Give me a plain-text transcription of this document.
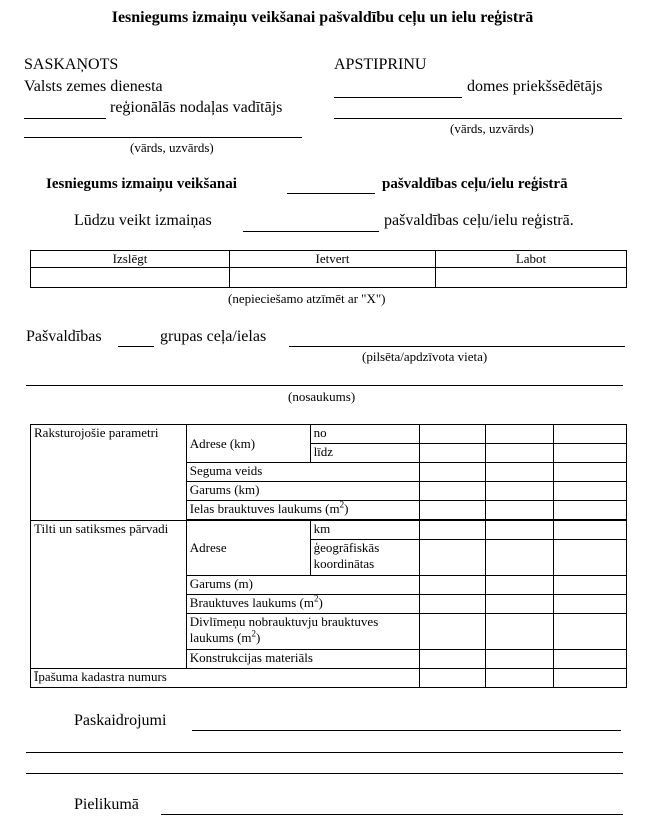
Iesniegums izmaiņu veikšanai pašvaldību ceļu un ielu reģistrā
SASKAŅOTS
Valsts zemes dienesta
reģionālās nodaļas vadītājs
(vārds, uzvārds)
APSTIPRINU
domes priekšsēdētājs
(vārds, uzvārds)
Iesniegums izmaiņu veikšanai	pašvaldības ceļu/ielu reģistrā
Lūdzu veikt izmaiņas	pašvaldības ceļu/ielu reģistrā.
Izslēgt	Ietvert	Labot

(nepieciešamo atzīmēt ar "X")
Pašvaldības	grupas ceļa/ielas
(pilsēta/apdzīvota vieta)
(nosaukums)
Raksturojošie parametri	Adrese (km)	no			
		līdz			
	Seguma veids				
	Garums (km)				
	Ielas brauktuves laukums $(m^2)$				

Tilti un satiksmes pārvadi	Adrese	km			
		ģeogrāfiskās koordinātas			
	Garums (m)				
	Brauktuves laukums $(m^2)$				
	Divlīmeņu nobrauktuvju brauktuves laukums $(m^2)$				
	Konstrukcijas materiāls				
Īpašuma kadastra numurs					
Paskaidrojumi
Pielikumā
